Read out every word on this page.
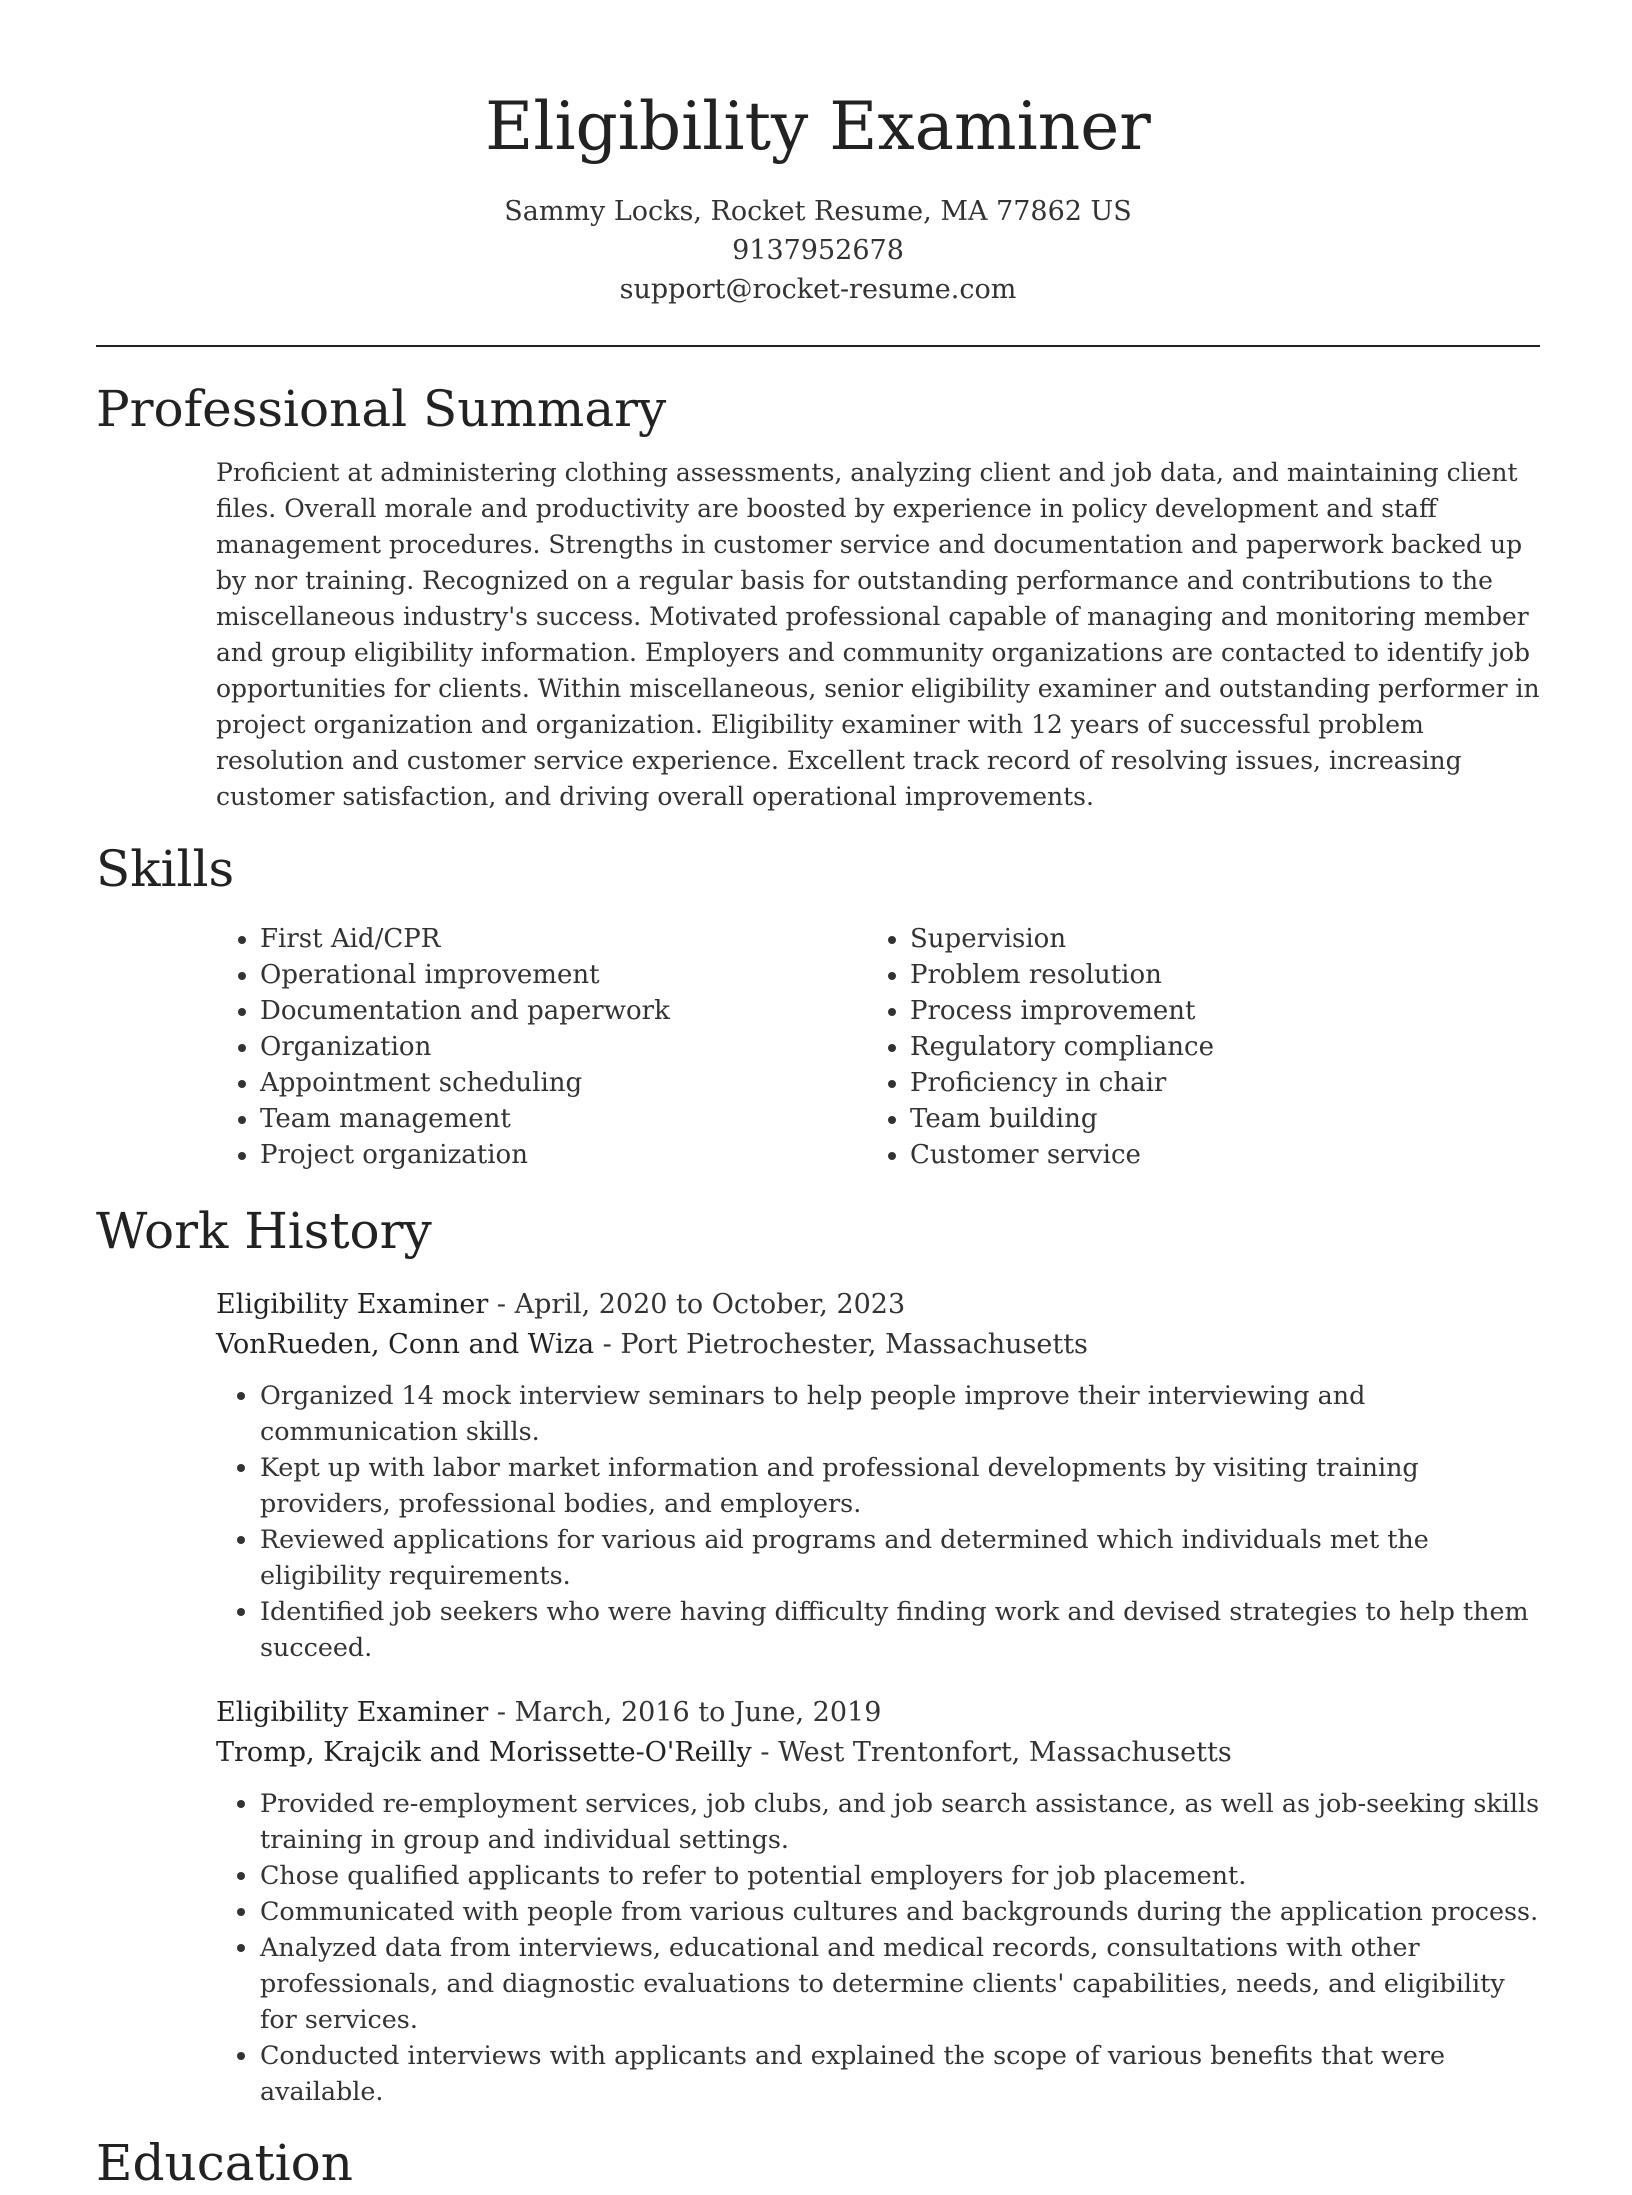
Eligibility Examiner

Sammy Locks, Rocket Resume, MA 77862 US

9137952678

support@rocket-resume.com

Professional Summary

Proficient at administering clothing assessments, analyzing client and job data, and maintaining client files. Overall morale and productivity are boosted by experience in policy development and staff management procedures. Strengths in customer service and documentation and paperwork backed up by nor training. Recognized on a regular basis for outstanding performance and contributions to the miscellaneous industry's success. Motivated professional capable of managing and monitoring member and group eligibility information. Employers and community organizations are contacted to identify job opportunities for clients. Within miscellaneous, senior eligibility examiner and outstanding performer in project organization and organization. Eligibility examiner with 12 years of successful problem resolution and customer service experience. Excellent track record of resolving issues, increasing customer satisfaction, and driving overall operational improvements.

Skills
• First Aid/CPR
• Operational improvement
• Documentation and paperwork
• Organization
• Appointment scheduling
• Team management
• Project organization
• Supervision
• Problem resolution
• Process improvement
• Regulatory compliance
• Proficiency in chair
• Team building
• Customer service
Work History

Eligibility Examiner - April, 2020 to October, 2023

VonRueden, Conn and Wiza - Port Pietrochester, Massachusetts

• Organized 14 mock interview seminars to help people improve their interviewing and communication skills.
• Kept up with labor market information and professional developments by visiting training providers, professional bodies, and employers.
• Reviewed applications for various aid programs and determined which individuals met the eligibility requirements.
• Identified job seekers who were having difficulty finding work and devised strategies to help them succeed.

Eligibility Examiner - March, 2016 to June, 2019

Tromp, Krajcik and Morissette-O'Reilly - West Trentonfort, Massachusetts

• Provided re-employment services, job clubs, and job search assistance, as well as job-seeking skills training in group and individual settings.
• Chose qualified applicants to refer to potential employers for job placement.
• Communicated with people from various cultures and backgrounds during the application process.
• Analyzed data from interviews, educational and medical records, consultations with other professionals, and diagnostic evaluations to determine clients' capabilities, needs, and eligibility for services.
• Conducted interviews with applicants and explained the scope of various benefits that were available.
Education
